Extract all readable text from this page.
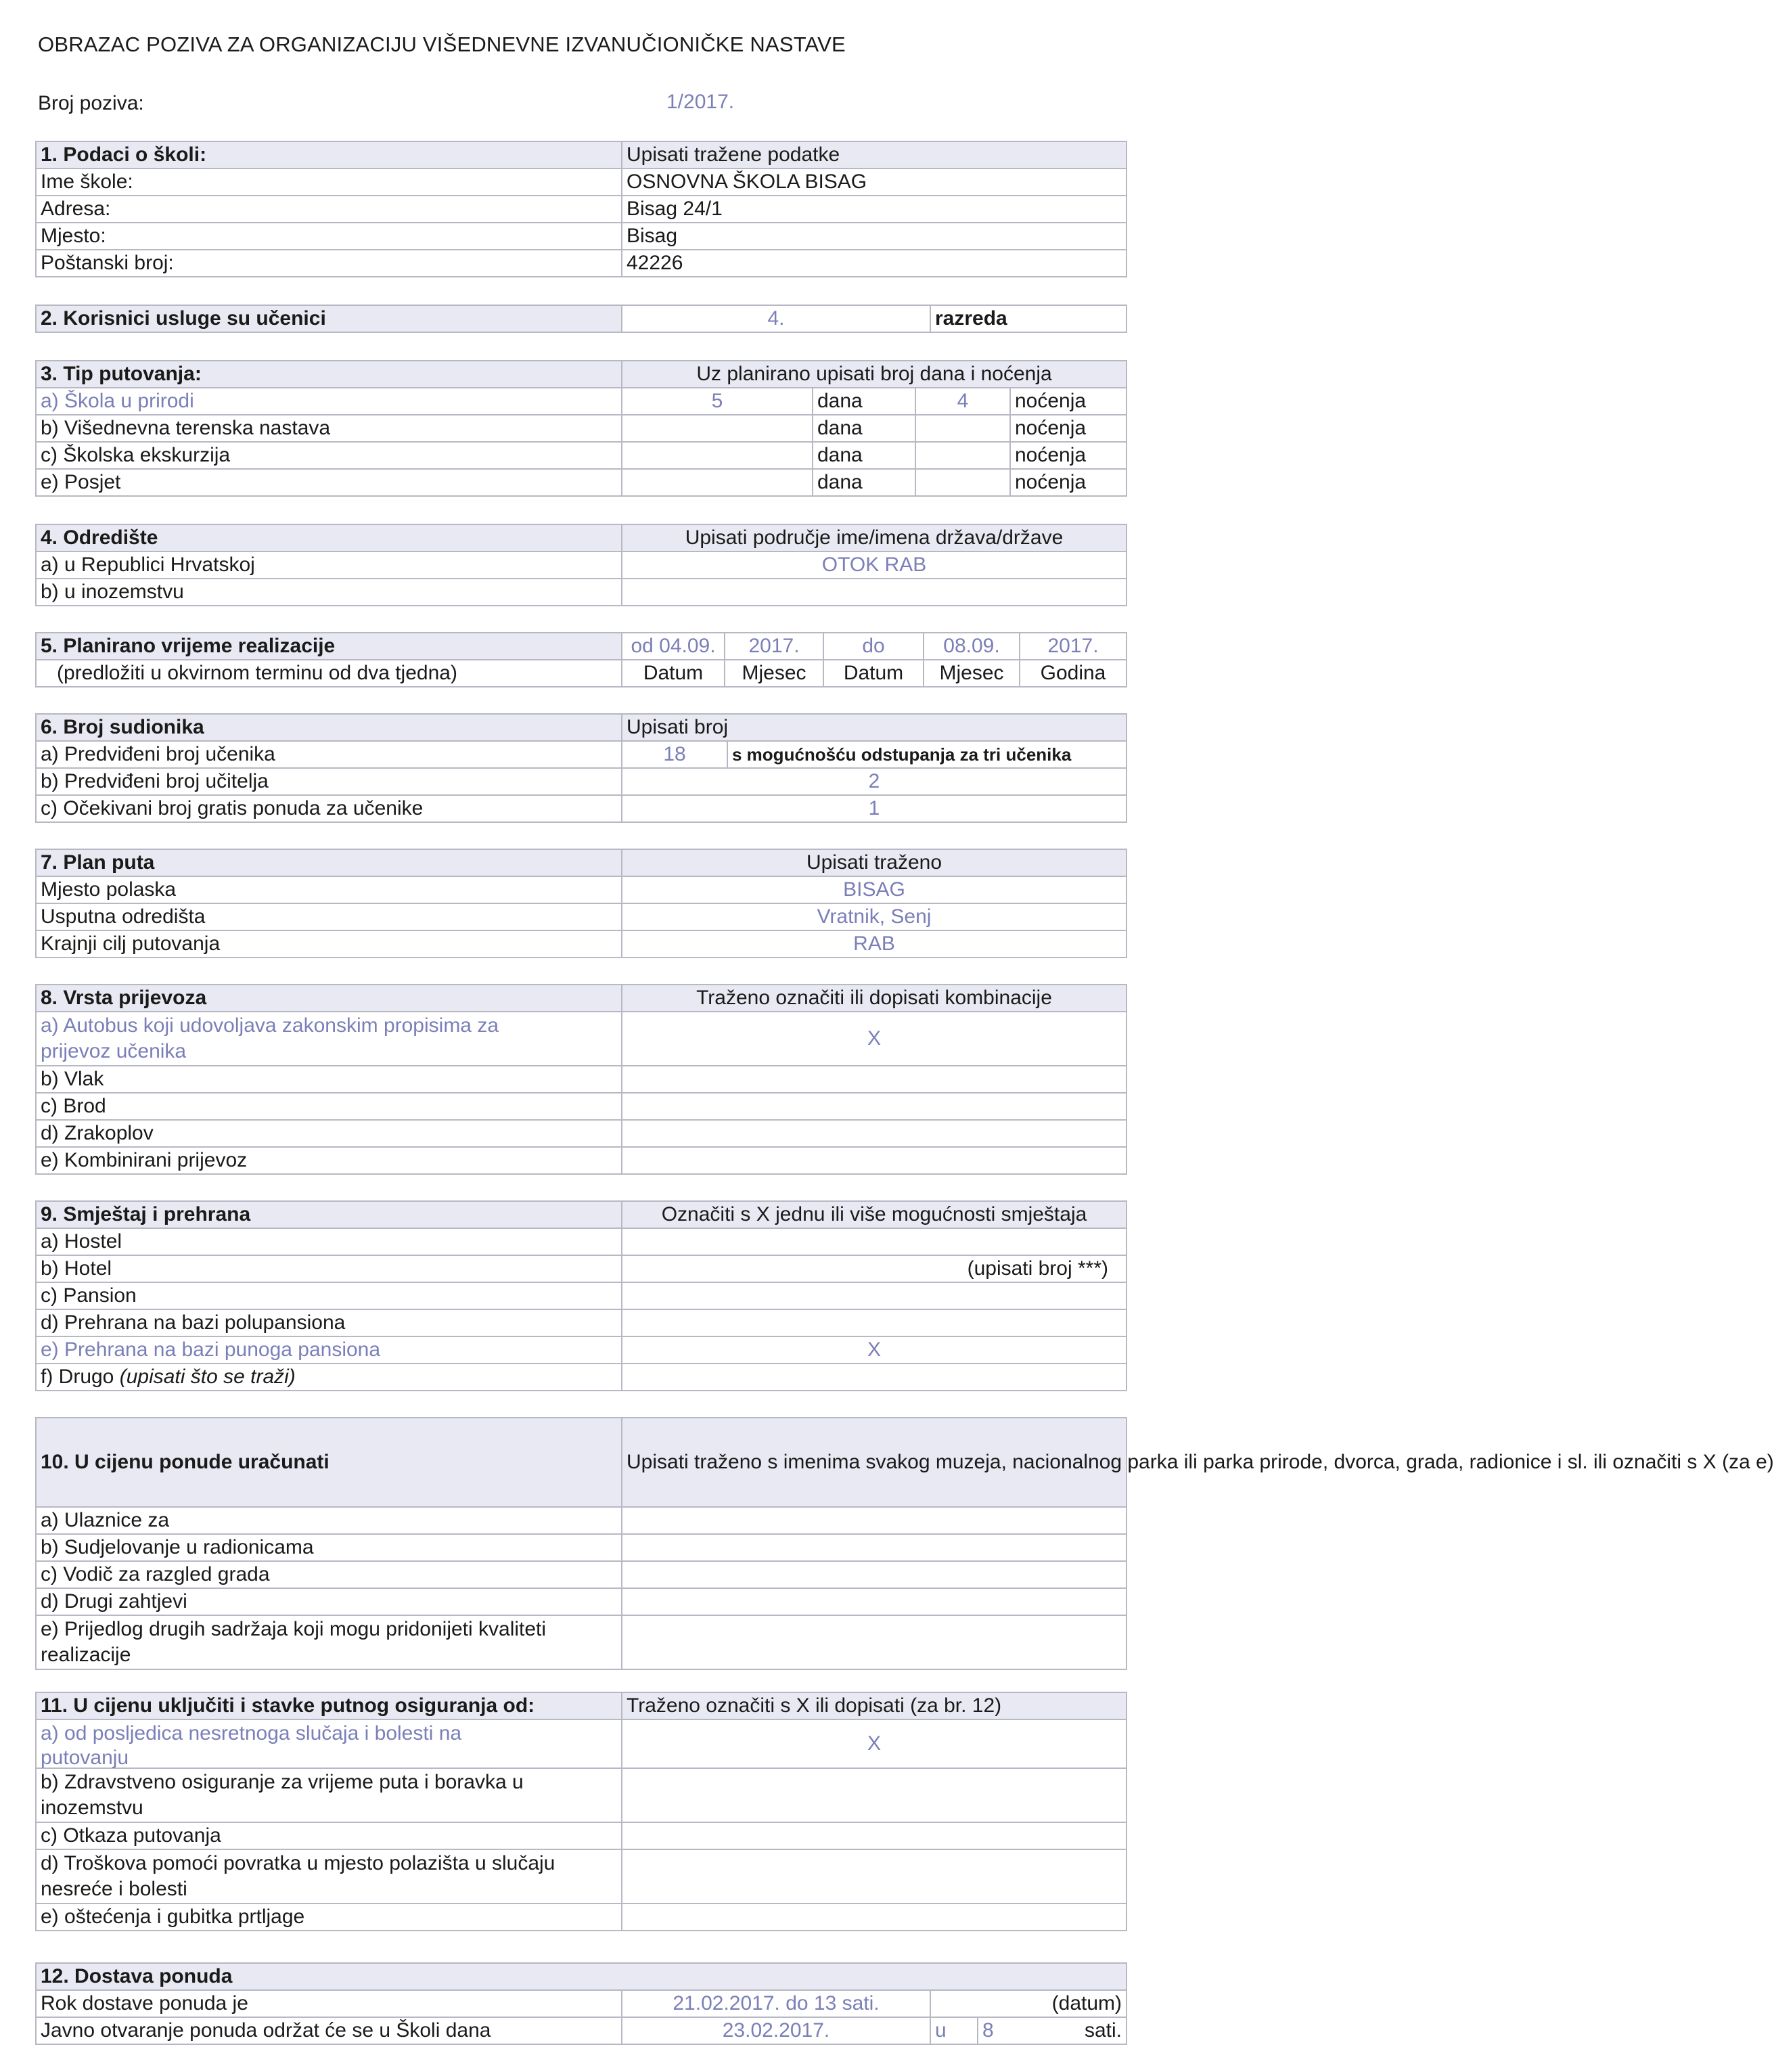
OBRAZAC POZIVA ZA ORGANIZACIJU VIŠEDNEVNE IZVANUČIONIČKE NASTAVE
Broj poziva:	1/2017.
1. Podaci o školi:	Upisati tražene podatke
Ime škole:	OSNOVNA ŠKOLA BISAG
Adresa:	Bisag 24/1
Mjesto:	Bisag
Poštanski broj:	42226
2. Korisnici usluge su učenici	4.	razreda
3. Tip putovanja:	Uz planirano upisati broj dana i noćenja			
a) Škola u prirodi	5	dana	4	noćenja
b) Višednevna terenska nastava		dana		noćenja
c) Školska ekskurzija		dana		noćenja
e) Posjet		dana		noćenja
4. Odredište	Upisati područje ime/imena država/države
a) u Republici Hrvatskoj	OTOK RAB
b) u inozemstvu	
5. Planirano vrijeme realizacije	od 04.09.	2017.	do	08.09.	2017.
(predložiti u okvirnom terminu od dva tjedna)	Datum	Mjesec	Datum	Mjesec	Godina
6. Broj sudionika	Upisati broj	
a) Predviđeni broj učenika	18	s mogućnošću odstupanja za tri učenika
b) Predviđeni broj učitelja	2	
c) Očekivani broj gratis ponuda za učenike	1	
7. Plan puta	Upisati traženo
Mjesto polaska	BISAG
Usputna odredišta	Vratnik, Senj
Krajnji cilj putovanja	RAB
8. Vrsta prijevoza	Traženo označiti ili dopisati kombinacije

a) Autobus koji udovoljava zakonskim propisima za
prijevoz učenika	X
b) Vlak	
c) Brod	
d) Zrakoplov	
e) Kombinirani prijevoz	
9. Smještaj i prehrana	Označiti s X jednu ili više mogućnosti smještaja
a) Hostel	
b) Hotel	(upisati broj ***)
c) Pansion	
d) Prehrana na bazi polupansiona	
e) Prehrana na bazi punoga pansiona	X
f) Drugo (upisati što se traži)	
10. U cijenu ponude uračunati	Upisati traženo s imenima svakog muzeja, nacionalnog parka ili parka prirode, dvorca, grada, radionice i sl. ili označiti s X (za e)
a) Ulaznice za	
b) Sudjelovanje u radionicama	
c) Vodič za razgled grada	
d) Drugi zahtjevi	

e) Prijedlog drugih sadržaja koji mogu pridonijeti kvaliteti
realizacije	

11. U cijenu uključiti i stavke putnog osiguranja od:	Traženo označiti s X ili dopisati (za br. 12)

a) od posljedica nesretnoga slučaja i bolesti na
putovanju	X

b) Zdravstveno osiguranje za vrijeme puta i boravka u
inozemstvu	

c) Otkaza putovanja	

d) Troškova pomoći povratka u mjesto polazišta u slučaju
nesreće i bolesti	

e) oštećenja i gubitka prtljage	
12. Dostava ponuda			
Rok dostave ponuda je	21.02.2017. do 13 sati.	(datum)	
Javno otvaranje ponuda održat će se u Školi dana	23.02.2017.	u	8 sati.
